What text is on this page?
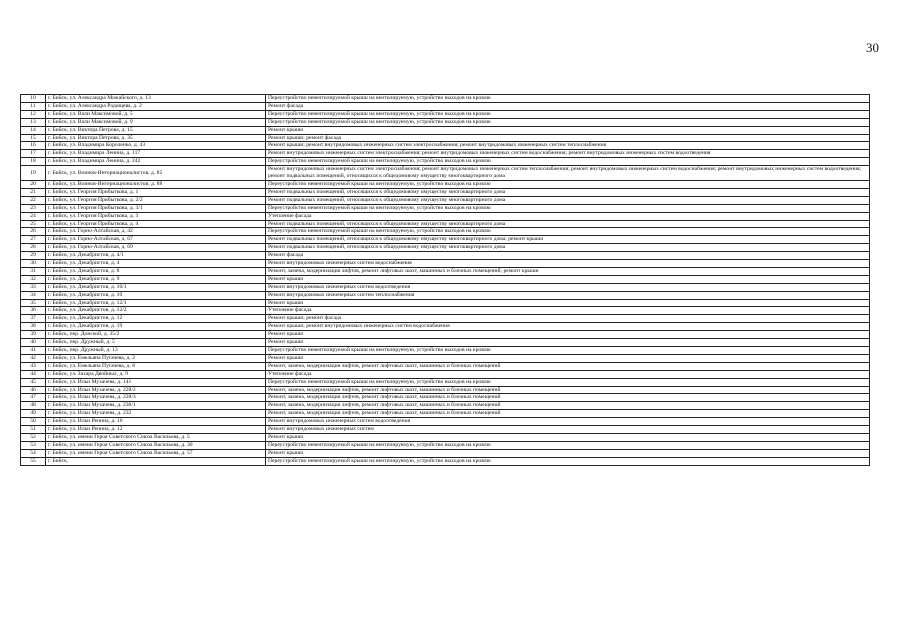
30
10	г. Бийск, ул. Александра Можайского, д. 13	Переустройство невентилируемой крыши на вентилируемую, устройство выходов на кровлю
11	г. Бийск, ул. Александра Радищева, д. 2	Ремонт фасада
12	г. Бийск, ул. Вали Максимовой, д. 5	Переустройство невентилируемой крыши на вентилируемую, устройство выходов на кровлю
13	г. Бийск, ул. Вали Максимовой, д. 9	Переустройство невентилируемой крыши на вентилируемую, устройство выходов на кровлю
14	г. Бийск, ул. Виктора Петрова, д. 15	Ремонт крыши
15	г. Бийск, ул. Виктора Петрова, д. 35	Ремонт крыши; ремонт фасада
16	г. Бийск, ул. Владимира Короленко, д. 43	Ремонт крыши; ремонт внутридомовых инженерных систем электроснабжения; ремонт внутридомовых инженерных систем теплоснабжения
17	г. Бийск, ул. Владимира Ленина, д. 117	Ремонт внутридомовых инженерных систем электроснабжения; ремонт внутридомовых инженерных систем водоснабжения; ремонт внутридомовых инженерных систем водоотведения
18	г. Бийск, ул. Владимира Ленина, д. 242	Переустройство невентилируемой крыши на вентилируемую, устройство выходов на кровлю
19	г. Бийск, ул. Воинов-Интернационалистов, д. 85	Ремонт внутридомовых инженерных систем электроснабжения; ремонт внутридомовых инженерных систем теплоснабжения; ремонт внутридомовых инженерных систем водоснабжения; ремонт внутридомовых инженерных систем водоотведения; ремонт подвальных помещений, относящихся к общедомовому имуществу многоквартирного дома
20	г. Бийск, ул. Воинов-Интернационалистов, д. 88	Переустройство невентилируемой крыши на вентилируемую, устройство выходов на кровлю
21	г. Бийск, ул. Георгия Прибыткова, д. 1	Ремонт подвальных помещений, относящихся к общедомовому имуществу многоквартирного дома
22	г. Бийск, ул. Георгия Прибыткова, д. 2/2	Ремонт подвальных помещений, относящихся к общедомовому имуществу многоквартирного дома
23	г. Бийск, ул. Георгия Прибыткова, д. 3/1	Переустройство невентилируемой крыши на вентилируемую, устройство выходов на кровлю
24	г. Бийск, ул. Георгия Прибыткова, д. 3	Утепление фасада
25	г. Бийск, ул. Георгия Прибыткова, д. 4	Ремонт подвальных помещений, относящихся к общедомовому имуществу многоквартирного дома
26	г. Бийск, ул. Горно-Алтайская, д. 42	Переустройство невентилируемой крыши на вентилируемую, устройство выходов на кровлю
27	г. Бийск, ул. Горно-Алтайская, д. 67	Ремонт подвальных помещений, относящихся к общедомовому имуществу многоквартирного дома; ремонт крыши
28	г. Бийск, ул. Горно-Алтайская, д. 69	Ремонт подвальных помещений, относящихся к общедомовому имуществу многоквартирного дома
29	г. Бийск, ул. Декабристов, д. 4/1	Ремонт фасада
30	г. Бийск, ул. Декабристов, д. 4	Ремонт внутридомовых инженерных систем водоснабжения
31	г. Бийск, ул. Декабристов, д. 8	Ремонт, замена, модернизация лифтов, ремонт лифтовых шахт, машинных и блочных помещений; ремонт крыши
32	г. Бийск, ул. Декабристов, д. 9	Ремонт крыши
33	г. Бийск, ул. Декабристов, д. 10/1	Ремонт внутридомовых инженерных систем водоотведения
34	г. Бийск, ул. Декабристов, д. 10	Ремонт внутридомовых инженерных систем теплоснабжения
35	г. Бийск, ул. Декабристов, д. 12/1	Ремонт крыши
36	г. Бийск, ул. Декабристов, д. 12/2	Утепление фасада
37	г. Бийск, ул. Декабристов, д. 12	Ремонт крыши; ремонт фасада
38	г. Бийск, ул. Декабристов, д. 19	Ремонт крыши; ремонт внутридомовых инженерных систем водоснабжения
39	г. Бийск, пер. Донской, д. 35/2	Ремонт крыши
40	г. Бийск, пер. Дружный, д. 5	Ремонт крыши
41	г. Бийск, пер. Дружный, д. 13	Переустройство невентилируемой крыши на вентилируемую, устройство выходов на кровлю
42	г. Бийск, ул. Емельяна Пугачева, д. 2	Ремонт крыши
43	г. Бийск, ул. Емельяна Пугачева, д. 8	Ремонт, замена, модернизация лифтов, ремонт лифтовых шахт, машинных и блочных помещений
44	г. Бийск, ул. Захара Двойных, д. 9	Утепление фасада
45	г. Бийск, ул. Ильи Мухачева, д. 141	Переустройство невентилируемой крыши на вентилируемую, устройство выходов на кровлю
46	г. Бийск, ул. Ильи Мухачева, д. 228/2	Ремонт, замена, модернизация лифтов, ремонт лифтовых шахт, машинных и блочных помещений
47	г. Бийск, ул. Ильи Мухачева, д. 228/3	Ремонт, замена, модернизация лифтов, ремонт лифтовых шахт, машинных и блочных помещений
48	г. Бийск, ул. Ильи Мухачева, д. 230/1	Ремонт, замена, модернизация лифтов, ремонт лифтовых шахт, машинных и блочных помещений
49	г. Бийск, ул. Ильи Мухачева, д. 232	Ремонт, замена, модернизация лифтов, ремонт лифтовых шахт, машинных и блочных помещений
50	г. Бийск, ул. Ильи Репина, д. 10	Ремонт внутридомовых инженерных систем водоотведения
51	г. Бийск, ул. Ильи Репина, д. 12	Ремонт внутридомовых инженерных систем
52	г. Бийск, ул. имени Героя Советского Союза Васильева, д. 5	Ремонт крыши
53	г. Бийск, ул. имени Героя Советского Союза Васильева, д. 30	Переустройство невентилируемой крыши на вентилируемую, устройство выходов на кровлю
54	г. Бийск, ул. имени Героя Советского Союза Васильева, д. 57	Ремонт крыши
55	г. Бийск,	Переустройство невентилируемой крыши на вентилируемую, устройство выходов на кровлю
